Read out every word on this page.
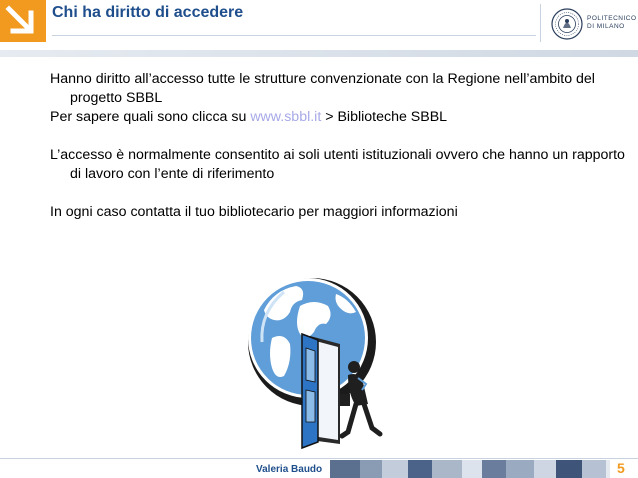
Chi ha diritto di accedere	POLITECNICO DI MILANO

Hanno diritto all’accesso tutte le strutture convenzionate con la Regione nell’ambito del progetto SBBL

Per sapere quali sono clicca su www.sbbl.it > Biblioteche SBBL

L’accesso è normalmente consentito ai soli utenti istituzionali ovvero che hanno un rapporto di lavoro con l’ente di riferimento

In ogni caso contatta il tuo bibliotecario per maggiori informazioni

Valeria Baudo	5
